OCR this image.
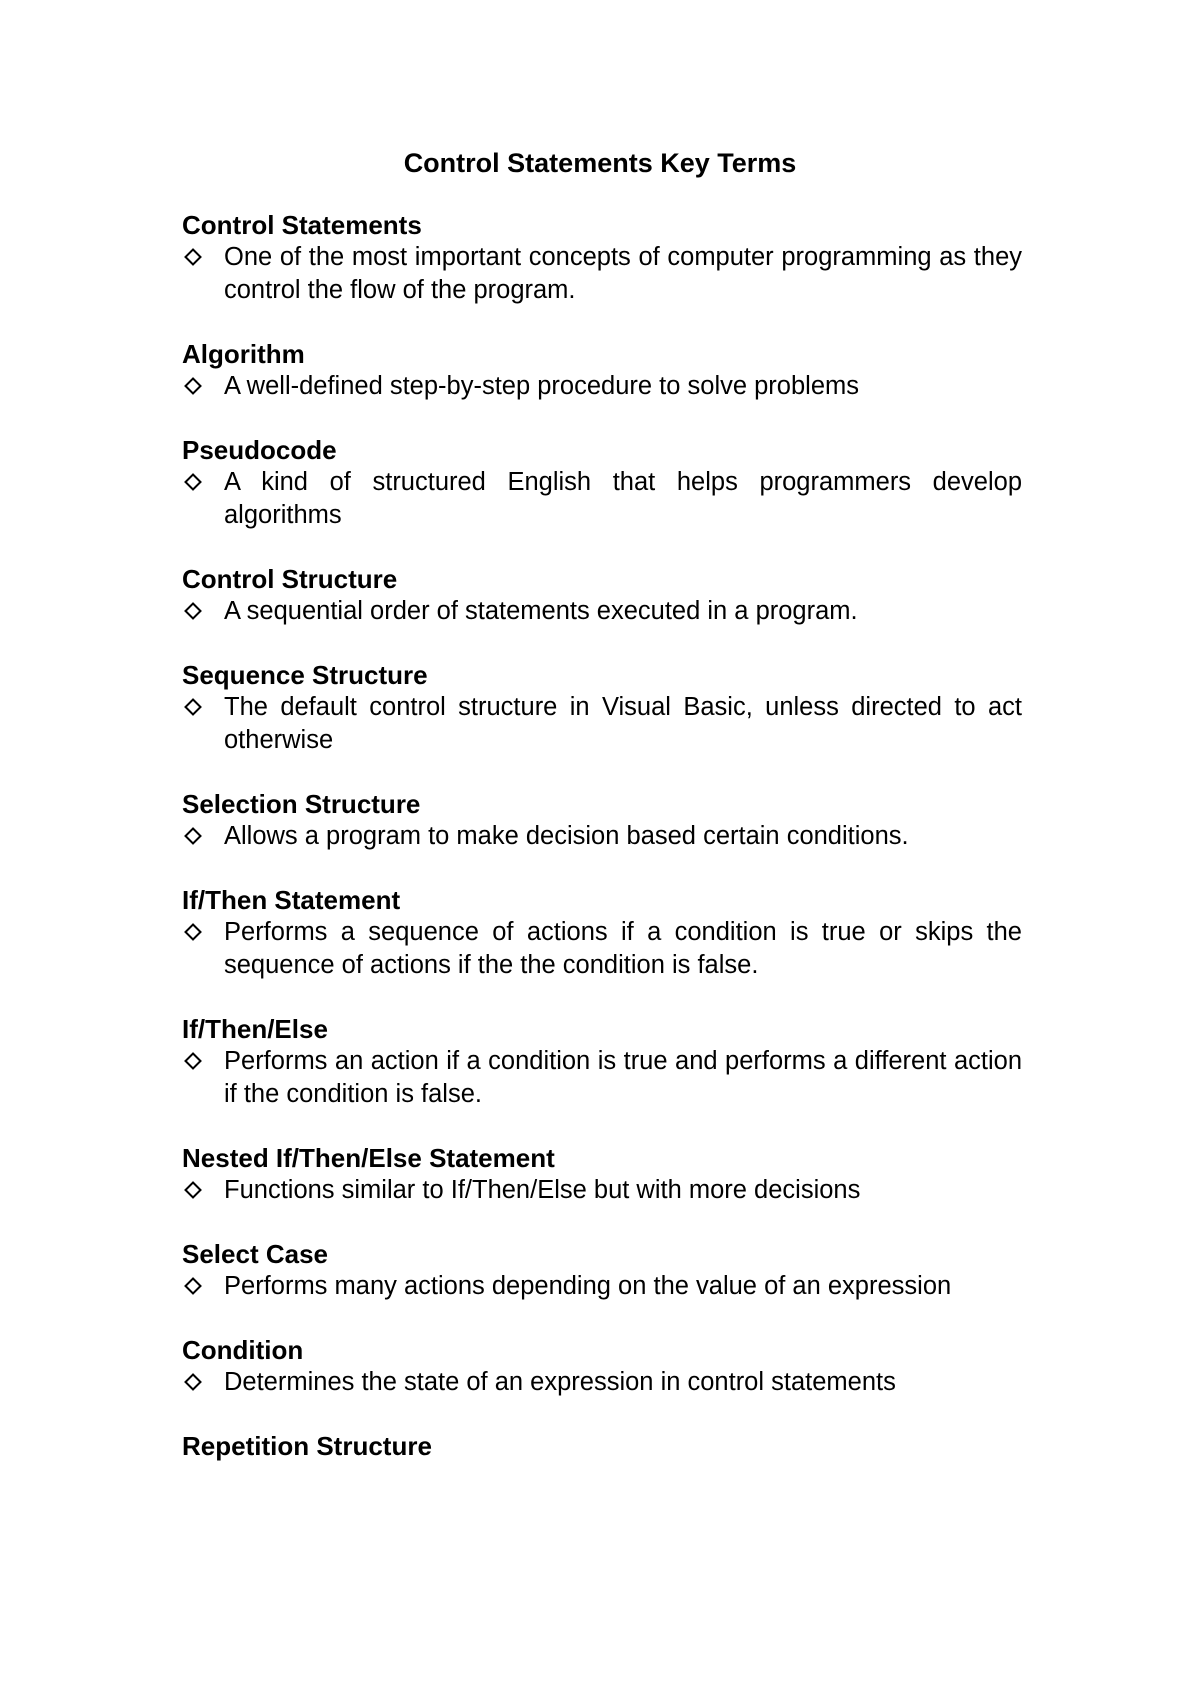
Control Statements Key Terms
Control Statements
One of the most important concepts of computer programming as they control the flow of the program.
Algorithm
A well-defined step-by-step procedure to solve problems
Pseudocode
A kind of structured English that helps programmers develop algorithms
Control Structure
A sequential order of statements executed in a program.
Sequence Structure
The default control structure in Visual Basic, unless directed to act otherwise
Selection Structure
Allows a program to make decision based certain conditions.
If/Then Statement
Performs a sequence of actions if a condition is true or skips the sequence of actions if the the condition is false.
If/Then/Else
Performs an action if a condition is true and performs a different action if the condition is false.
Nested If/Then/Else Statement
Functions similar to If/Then/Else but with more decisions
Select Case
Performs many actions depending on the value of an expression
Condition
Determines the state of an expression in control statements
Repetition Structure
